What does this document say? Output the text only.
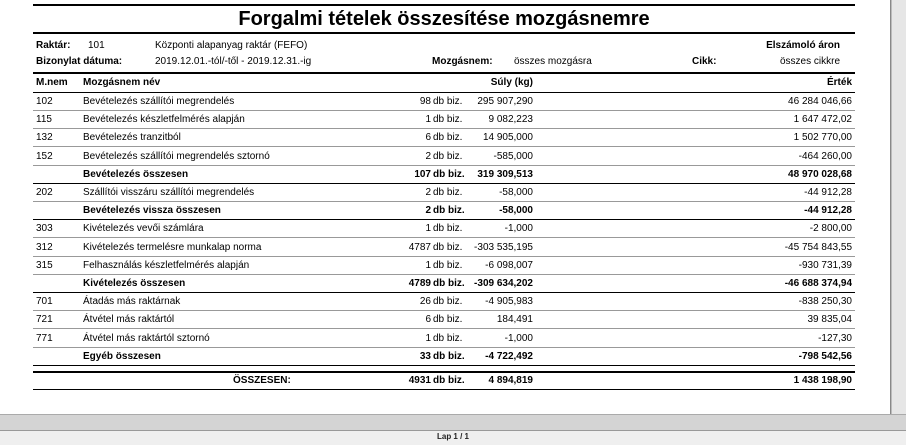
Forgalmi tételek összesítése mozgásnemre
Raktár: 101	Központi alapanyag raktár (FEFO)	Elszámoló áron
Bizonylat dátuma:	2019.12.01.-tól/-től - 2019.12.31.-ig	Mozgásnem: összes mozgásra	Cikk:	összes cikkre
M.nem Mozgásnem név	Súly (kg)	Érték
102	Bevételezés szállítói megrendelés	98 db biz. 295 907,290	46 284 046,66
115	Bevételezés készletfelmérés alapján	1 db biz.	9 082,223	1 647 472,02
132	Bevételezés tranzitból	6 db biz. 14 905,000	1 502 770,00
152	Bevételezés szállítói megrendelés sztornó	2 db biz.	-585,000	-464 260,00
Bevételezés összesen	107 db biz. 319 309,513	48 970 028,68
202	Szállítói visszáru szállítói megrendelés	2 db biz.	-58,000	-44 912,28
Bevételezés vissza összesen	2 db biz.	-58,000	-44 912,28
303	Kivételezés vevői számlára	1 db biz.	-1,000	-2 800,00
312	Kivételezés termelésre munkalap norma	4787 db biz. -303 535,195	-45 754 843,55
315	Felhasználás készletfelmérés alapján	1 db biz. -6 098,007	-930 731,39
Kivételezés összesen	4789 db biz. -309 634,202	-46 688 374,94
701	Átadás más raktárnak	26 db biz. -4 905,983	-838 250,30
721	Átvétel más raktártól	6 db biz.	184,491	39 835,04
771	Átvétel más raktártól sztornó	1 db biz.	-1,000	-127,30
Egyéb összesen	33 db biz. -4 722,492	-798 542,56
ÖSSZESEN:	4931 db biz. 4 894,819	1 438 198,90
Lap 1 / 1
